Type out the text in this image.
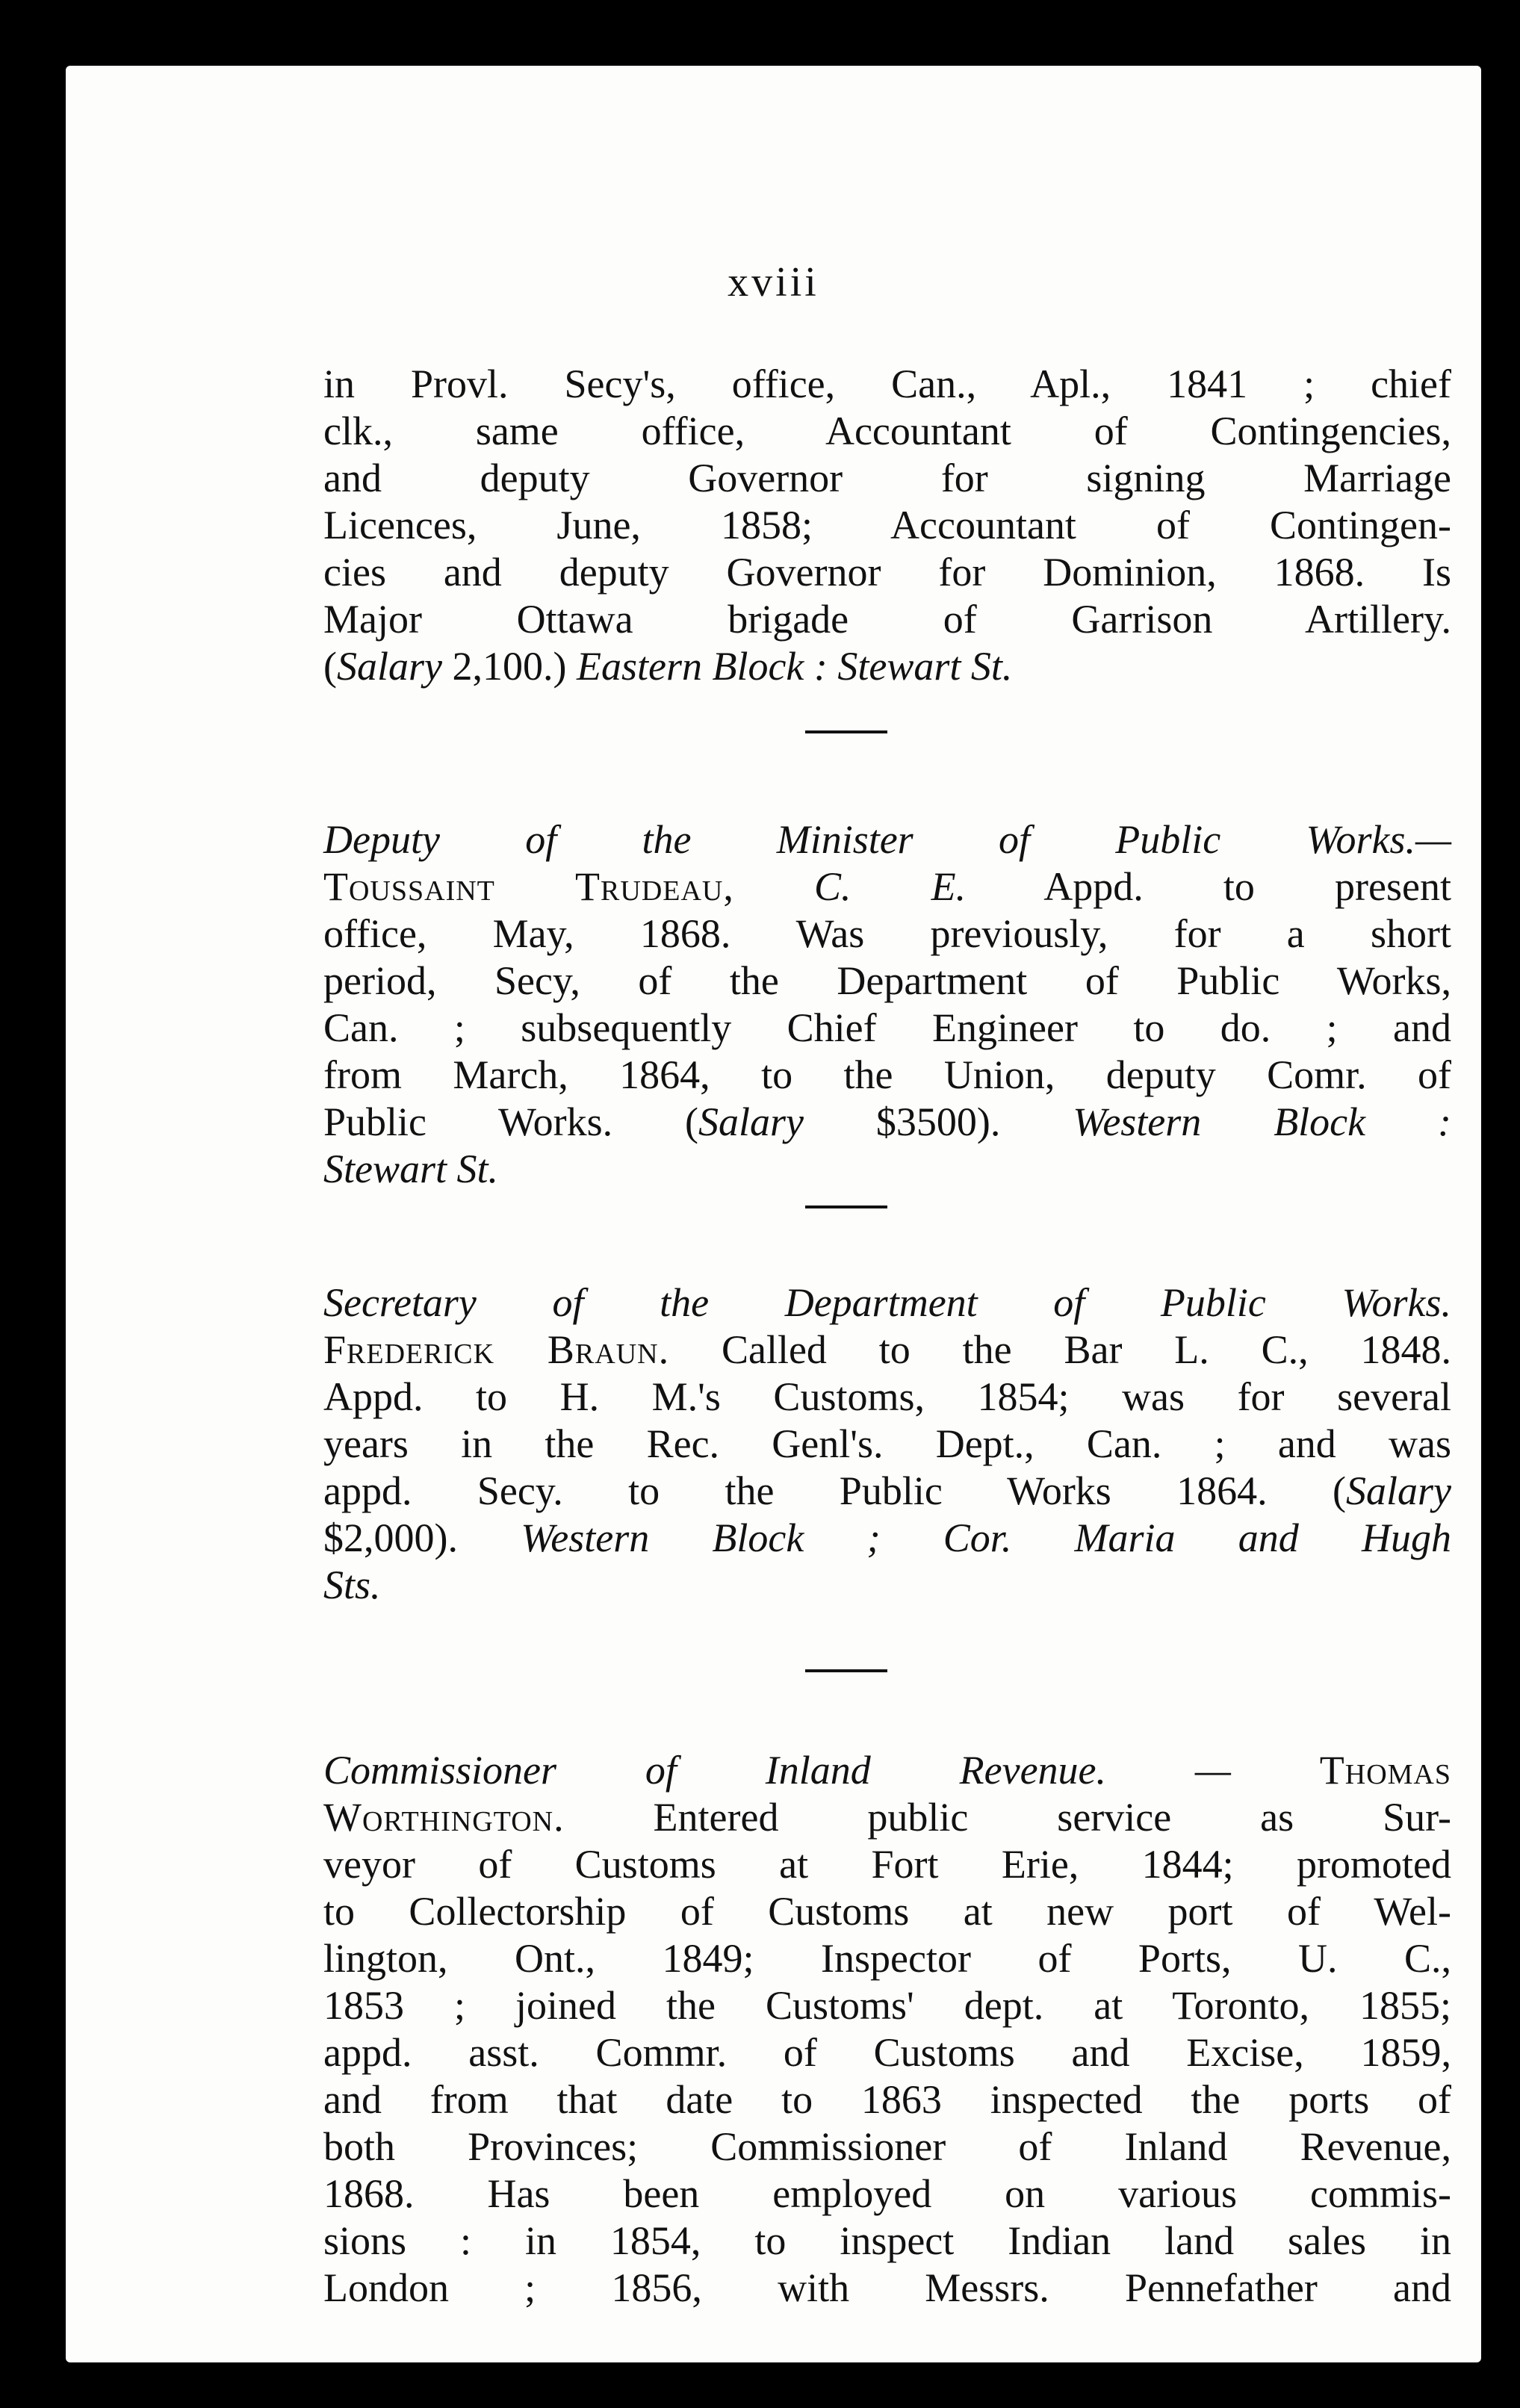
xviii
in Provl. Secy's, office, Can., Apl., 1841 ; chief
clk., same office, Accountant of Contingencies,
and deputy Governor for signing Marriage
Licences, June, 1858; Accountant of Contingen-
cies and deputy Governor for Dominion, 1868. Is
Major Ottawa brigade of Garrison Artillery.
(Salary 2,100.) Eastern Block : Stewart St.
Deputy of the Minister of Public Works.—
Toussaint Trudeau, C. E. Appd. to present
office, May, 1868. Was previously, for a short
period, Secy, of the Department of Public Works,
Can. ; subsequently Chief Engineer to do. ; and
from March, 1864, to the Union, deputy Comr. of
Public Works. (Salary $3500). Western Block :
Stewart St.
Secretary of the Department of Public Works.
Frederick Braun. Called to the Bar L. C., 1848.
Appd. to H. M.'s Customs, 1854; was for several
years in the Rec. Genl's. Dept., Can. ; and was
appd. Secy. to the Public Works 1864. (Salary
$2,000). Western Block ; Cor. Maria and Hugh
Sts.
Commissioner of Inland Revenue. — Thomas
Worthington. Entered public service as Sur-
veyor of Customs at Fort Erie, 1844; promoted
to Collectorship of Customs at new port of Wel-
lington, Ont., 1849; Inspector of Ports, U. C.,
1853 ; joined the Customs' dept. at Toronto, 1855;
appd. asst. Commr. of Customs and Excise, 1859,
and from that date to 1863 inspected the ports of
both Provinces; Commissioner of Inland Revenue,
1868. Has been employed on various commis-
sions : in 1854, to inspect Indian land sales in
London ; 1856, with Messrs. Pennefather and
